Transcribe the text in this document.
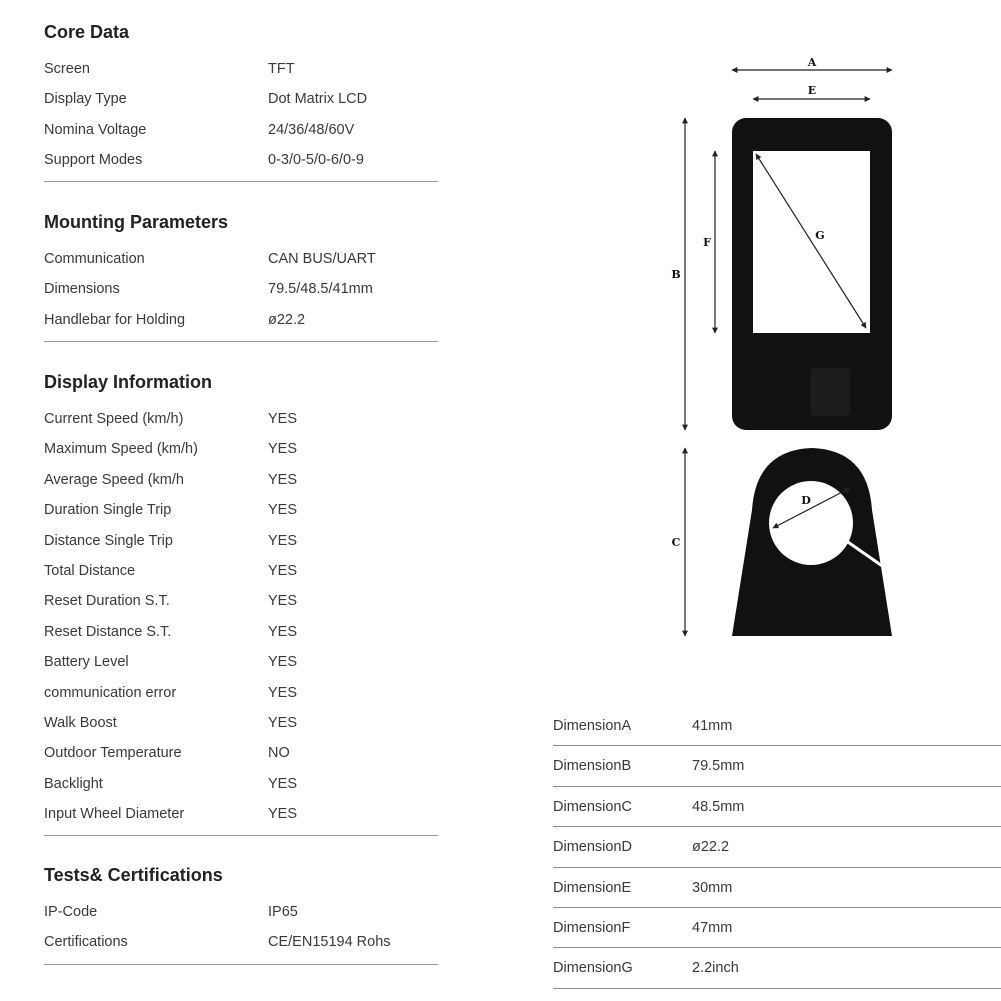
Core Data
Screen	TFT
Display Type	Dot Matrix LCD
Nomina Voltage	24/36/48/60V
Support Modes	0-3/0-5/0-6/0-9
Mounting Parameters
Communication	CAN BUS/UART
Dimensions	79.5/48.5/41mm
Handlebar for Holding	ø22.2
Display Information
Current Speed (km/h)	YES
Maximum Speed (km/h)	YES
Average Speed (km/h	YES
Duration Single Trip	YES
Distance Single Trip	YES
Total Distance	YES
Reset Duration S.T.	YES
Reset Distance S.T.	YES
Battery Level	YES
communication error	YES
Walk Boost	YES
Outdoor Temperature	NO
Backlight	YES
Input Wheel Diameter	YES
Tests& Certifications
IP-Code	IP65
Certifications	CE/EN15194 Rohs
A
E
B
F
G
C
D
DimensionA	41mm
DimensionB	79.5mm
DimensionC	48.5mm
DimensionD	ø22.2
DimensionE	30mm
DimensionF	47mm
DimensionG	2.2inch
